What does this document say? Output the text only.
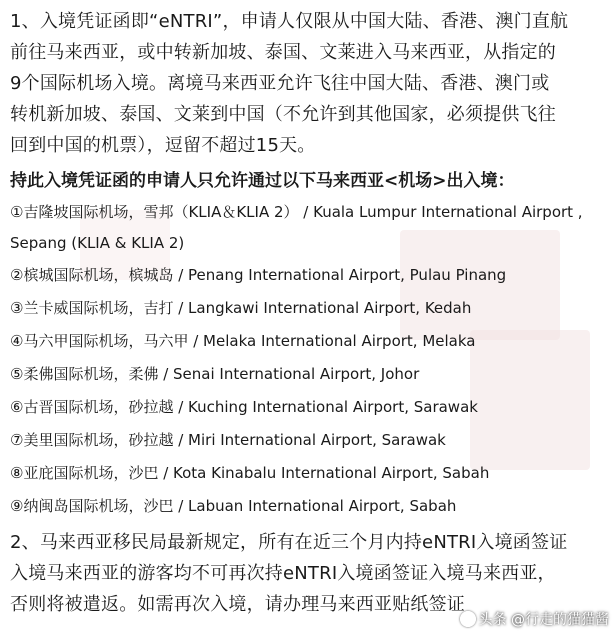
1、入境凭证函即“eNTRI”，申请人仅限从中国大陆、香港、澳门直航

前往马来西亚，或中转新加坡、泰国、文莱进入马来西亚，从指定的

9个国际机场入境。离境马来西亚允许飞往中国大陆、香港、澳门或

转机新加坡、泰国、文莱到中国（不允许到其他国家，必须提供飞往

回到中国的机票），逗留不超过15天。

持此入境凭证函的申请人只允许通过以下马来西亚<机场>出入境：

①吉隆坡国际机场，雪邦（KLIA＆KLIA 2） / Kuala Lumpur International Airport , Sepang (KLIA & KLIA 2)

②槟城国际机场，槟城岛 / Penang International Airport, Pulau Pinang

③兰卡威国际机场，吉打 / Langkawi International Airport, Kedah

④马六甲国际机场，马六甲 / Melaka International Airport, Melaka

⑤柔佛国际机场，柔佛 / Senai International Airport, Johor

⑥古晋国际机场，砂拉越 / Kuching International Airport, Sarawak

⑦美里国际机场，砂拉越 / Miri International Airport, Sarawak

⑧亚庇国际机场，沙巴 / Kota Kinabalu International Airport, Sabah

⑨纳闽岛国际机场，沙巴 / Labuan International Airport, Sabah

2、马来西亚移民局最新规定，所有在近三个月内持eNTRI入境函签证

入境马来西亚的游客均不可再次持eNTRI入境函签证入境马来西亚，

否则将被遣返。如需再次入境，请办理马来西亚贴纸签证

头条 @行走的猫猫酱
